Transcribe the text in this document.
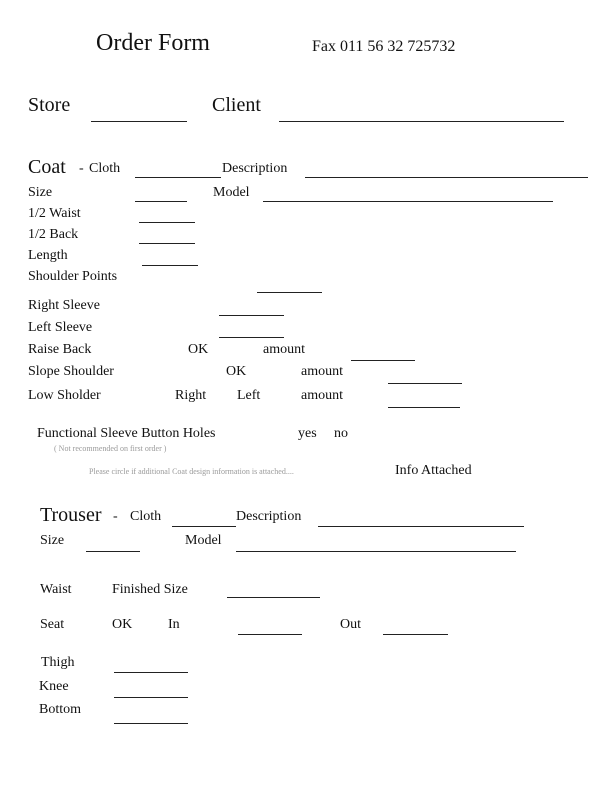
Order Form	Fax 011 56 32 725732
Store	Client
Coat - Cloth	Description
Size	Model
1/2 Waist
1/2 Back
Length
Shoulder Points
Right Sleeve
Left Sleeve
Raise Back	OK	amount
Slope Shoulder	OK	amount
Low Sholder	Right Left	amount
Functional Sleeve Button Holes	yes no
( Not recommended on first order )
Please circle if additional Coat design information is attached....	Info Attached
Trouser - Cloth	Description
Size	Model
Waist	Finished Size
Seat	OK	In	Out
Thigh
Knee
Bottom
